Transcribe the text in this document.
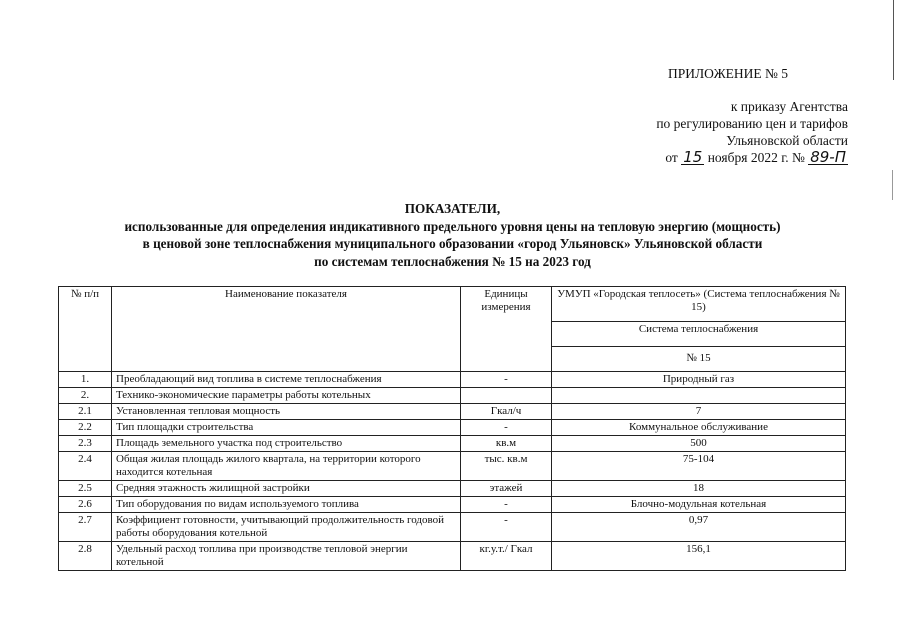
ПРИЛОЖЕНИЕ № 5
к приказу Агентства
по регулированию цен и тарифов
Ульяновской области
от 15 ноября 2022 г. № 89-П
ПОКАЗАТЕЛИ,
использованные для определения индикативного предельного уровня цены на тепловую энергию (мощность)
в ценовой зоне теплоснабжения муниципального образовании «город Ульяновск» Ульяновской области
по системам теплоснабжения № 15 на 2023 год
№ п/п	Наименование показателя	Единицы измерения	УМУП «Городская теплосеть» (Система теплоснабжения № 15)
			Система теплоснабжения
			№ 15
1.	Преобладающий вид топлива в системе теплоснабжения	-	Природный газ
2.	Технико-экономические параметры работы котельных		
2.1	Установленная тепловая мощность	Гкал/ч	7
2.2	Тип площадки строительства	-	Коммунальное обслуживание
2.3	Площадь земельного участка под строительство	кв.м	500
2.4	Общая жилая площадь жилого квартала, на территории которого находится котельная	тыс. кв.м	75-104
2.5	Средняя этажность жилищной застройки	этажей	18
2.6	Тип оборудования по видам используемого топлива	-	Блочно-модульная котельная
2.7	Коэффициент готовности, учитывающий продолжительность годовой работы оборудования котельной	-	0,97
2.8	Удельный расход топлива при производстве тепловой энергии котельной	кг.у.т./ Гкал	156,1
